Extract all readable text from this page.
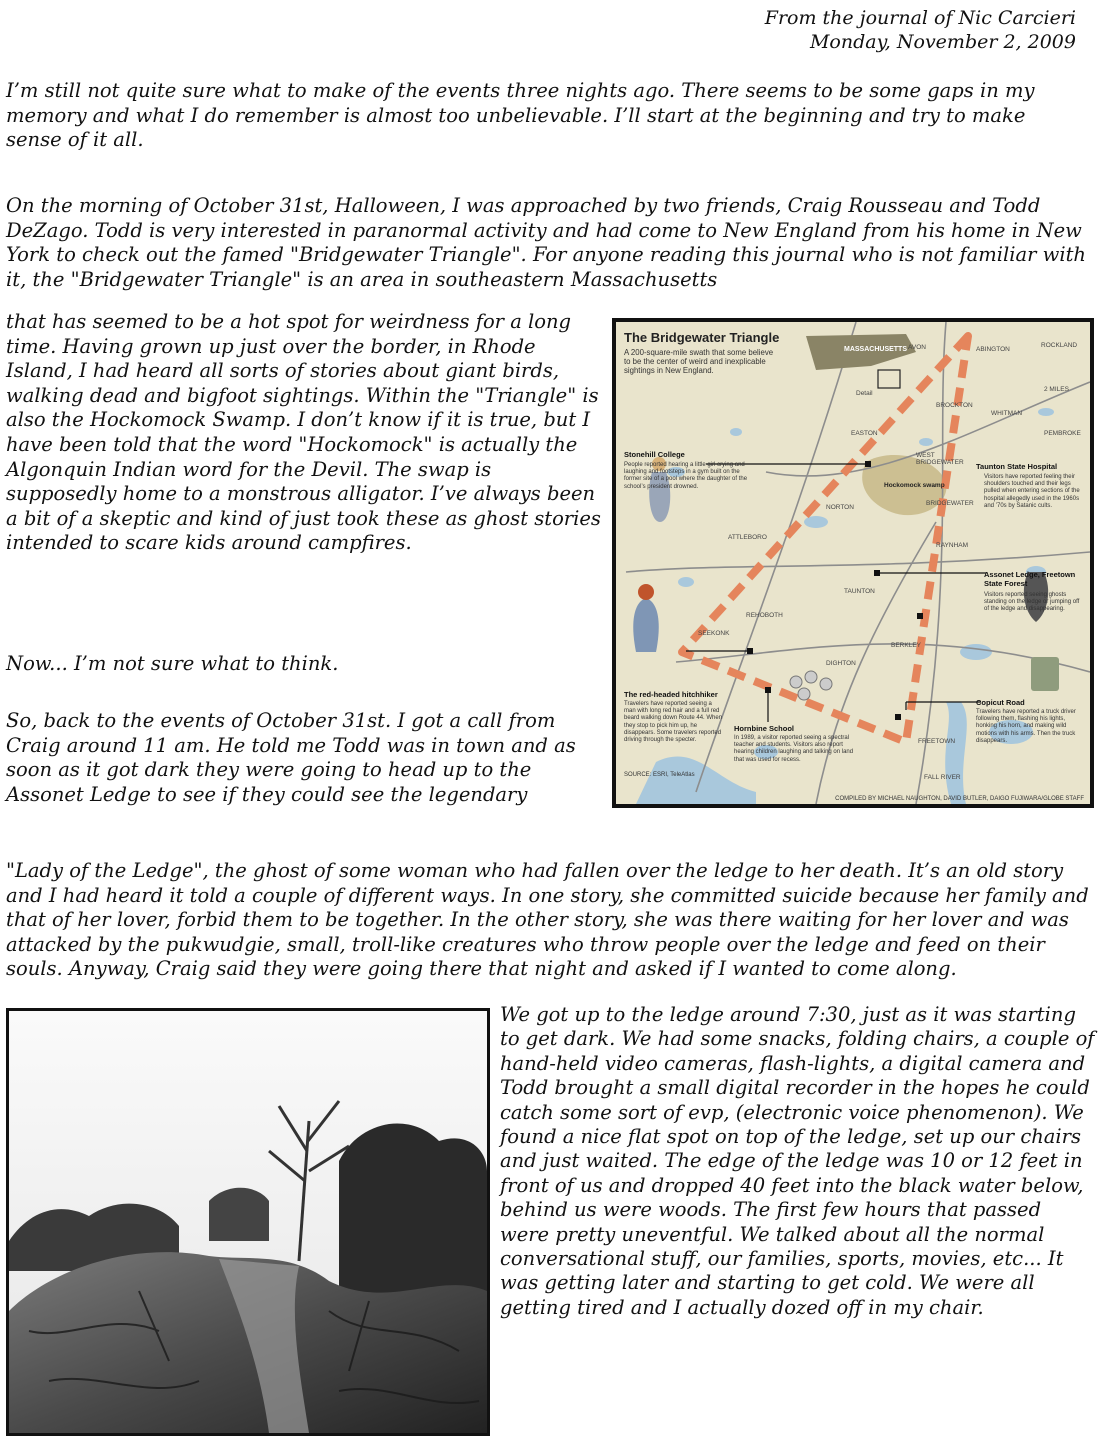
From the journal of Nic Carcieri
Monday, November 2, 2009

I’m still not quite sure what to make of the events three nights ago. There seems to be some gaps in my memory and what I do remember is almost too unbelievable. I’ll start at the beginning and try to make sense of it all.

On the morning of October 31st, Halloween, I was approached by two friends, Craig Rousseau and Todd DeZago. Todd is very interested in paranormal activity and had come to New England from his home in New York to check out the famed "Bridgewater Triangle". For anyone reading this journal who is not familiar with it, the "Bridgewater Triangle" is an area in southeastern Massachusetts

that has seemed to be a hot spot for weirdness for a long time. Having grown up just over the border, in Rhode Island, I had heard all sorts of stories about giant birds, walking dead and bigfoot sightings. Within the "Triangle" is also the Hockomock Swamp. I don’t know if it is true, but I have been told that the word "Hockomock" is actually the Algonquin Indian word for the Devil. The swap is supposedly home to a monstrous alligator. I’ve always been a bit of a skeptic and kind of just took these as ghost stories intended to scare kids around campfires.

Now... I’m not sure what to think.

So, back to the events of October 31st. I got a call from Craig around 11 am. He told me Todd was in town and as soon as it got dark they were going to head up to the Assonet Ledge to see if they could see the legendary

"Lady of the Ledge", the ghost of some woman who had fallen over the ledge to her death. It’s an old story and I had heard it told a couple of different ways. In one story, she committed suicide because her family and that of her lover, forbid them to be together. In the other story, she was there waiting for her lover and was attacked by the pukwudgie, small, troll-like creatures who throw people over the ledge and feed on their souls. Anyway, Craig said they were going there that night and asked if I wanted to come along.

We got up to the ledge around 7:30, just as it was starting to get dark. We had some snacks, folding chairs, a couple of hand-held video cameras, flash-lights, a digital camera and Todd brought a small digital recorder in the hopes he could catch some sort of evp, (electronic voice phenomenon). We found a nice flat spot on top of the ledge, set up our chairs and just waited. The edge of the ledge was 10 or 12 feet in front of us and dropped 40 feet into the black water below, behind us were woods. The first few hours that passed were pretty uneventful. We talked about all the normal conversational stuff, our families, sports, movies, etc... It was getting later and starting to get cold. We were all getting tired and I actually dozed off in my chair.

The Bridgewater Triangle
A 200-square-mile swath that some believe to be the center of weird and inexplicable sightings in New England.
MASSACHUSETTS
Detail
2 MILES
AVON	ROCKLAND
ABINGTON
BROCKTON
WHITMAN
PEMBROKE
EASTON
WEST BRIDGEWATER
BRIDGEWATER
Hockomock swamp
NORTON
RAYNHAM
ATTLEBORO
TAUNTON
REHOBOTH
SEEKONK
DIGHTON
BERKLEY
FREETOWN
FALL RIVER
Stonehill College
People reported hearing a little girl crying and laughing and footsteps in a gym built on the former site of a pool where the daughter of the school’s president drowned.
Taunton State Hospital
Visitors have reported feeling their shoulders touched and their legs pulled when entering sections of the hospital allegedly used in the 1960s and ’70s by Satanic cults.
Assonet Ledge, Freetown State Forest
Visitors reported seeing ghosts standing on the ledge or jumping off of the ledge and disappearing.
The red-headed hitchhiker
Travelers have reported seeing a man with long red hair and a full red beard walking down Route 44. When they stop to pick him up, he disappears. Some travelers reported driving through the specter.
SOURCE: ESRI, TeleAtlas
Hornbine School
In 1989, a visitor reported seeing a spectral teacher and students. Visitors also report hearing children laughing and talking on land that was used for recess.
Copicut Road
Travelers have reported a truck driver following them, flashing his lights, honking his horn, and making wild motions with his arms. Then the truck disappears.
COMPILED BY MICHAEL NAUGHTON, DAVID BUTLER, DAIGO FUJIWARA/GLOBE STAFF
